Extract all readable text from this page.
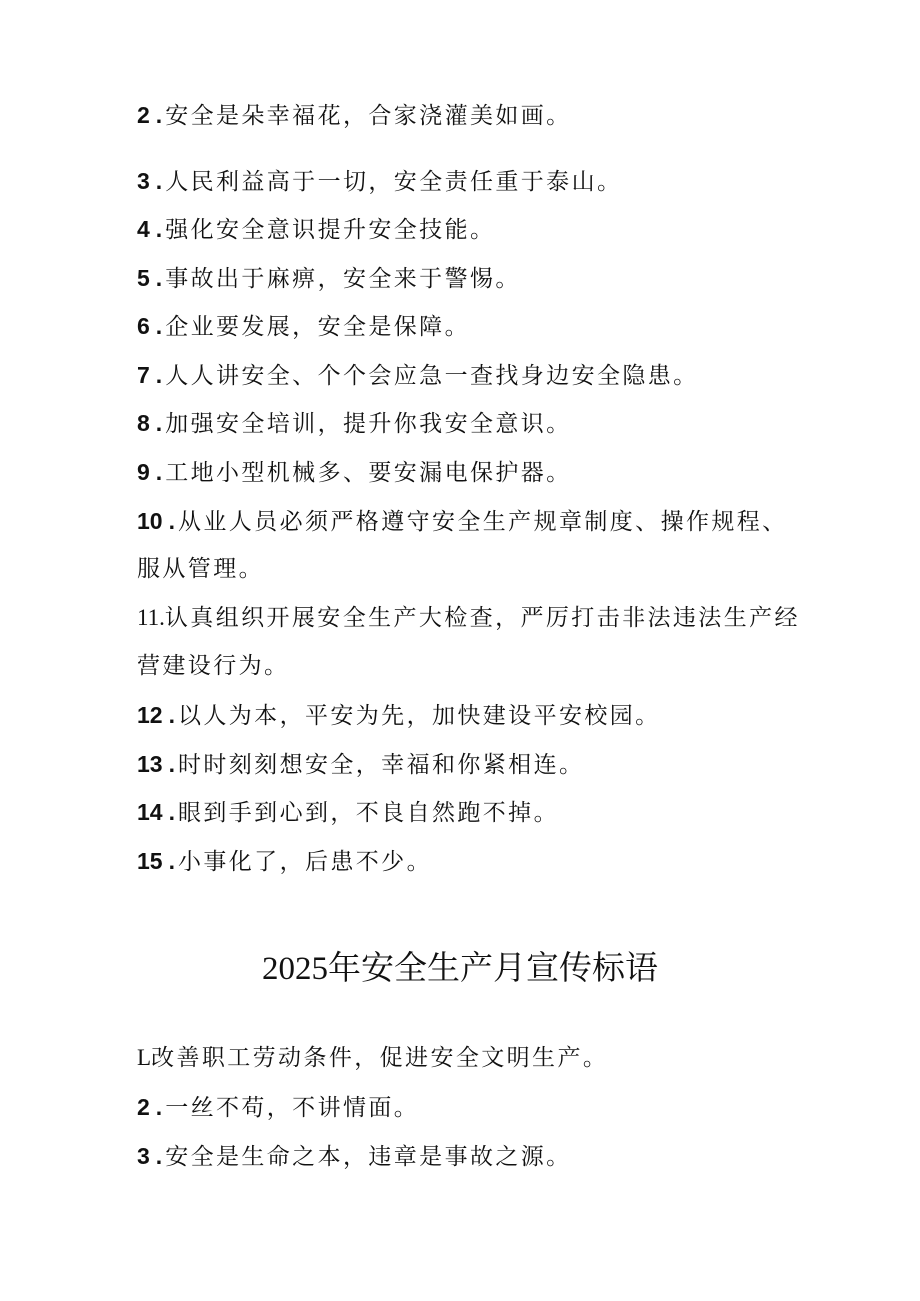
2 . 安全是朵幸福花，合家浇灌美如画。

3 . 人民利益高于一切，安全责任重于泰山。

4 . 强化安全意识提升安全技能。

5 . 事故出于麻痹，安全来于警惕。

6 . 企业要发展，安全是保障。

7 . 人人讲安全、个个会应急一查找身边安全隐患。

8 . 加强安全培训，提升你我安全意识。

9 . 工地小型机械多、要安漏电保护器。

10 . 从业人员必须严格遵守安全生产规章制度、操作规程、

服从管理。

11.认真组织开展安全生产大检查，严厉打击非法违法生产经

营建设行为。

12 . 以人为本，平安为先，加快建设平安校园。

13 . 时时刻刻想安全，幸福和你紧相连。

14 . 眼到手到心到，不良自然跑不掉。

15 . 小事化了，后患不少。

2025年安全生产月宣传标语

L改善职工劳动条件，促进安全文明生产。

2 . 一丝不苟，不讲情面。

3 . 安全是生命之本，违章是事故之源。
